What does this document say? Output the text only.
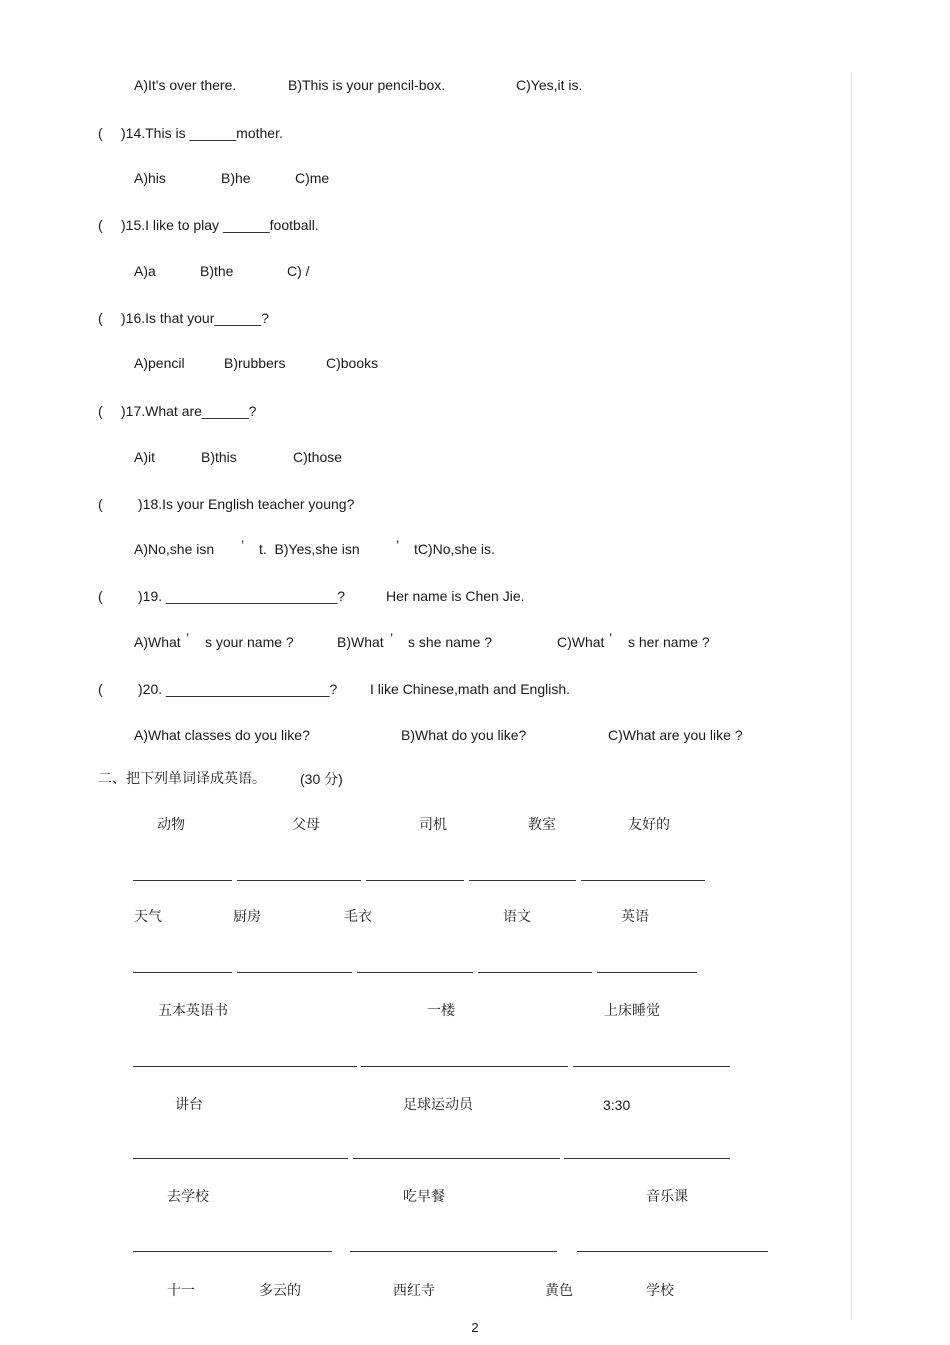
A)It's over there.	B)This is your pencil-box.	C)Yes,it is.
( )14.This is ______mother.
A)his	B)he	C)me
( )15.I like to play ______football.
A)a	B)the	C) /
( )16.Is that your______?
A)pencil	B)rubbers	C)books
( )17.What are______?
A)it	B)this	C)those
(	)18.Is your English teacher young?
A)No,she isn ’ t.  B)Yes,she isn	’ tC)No,she is.
(	)19. ______________________?	Her name is Chen Jie.
A)What ’ s your name ?	B)What ’ s she name ?	C)What ’ s her name ?
(	)20. _____________________? I like Chinese,math and English.
A)What classes do you like?	B)What do you like?	C)What are you like ?
二、把下列单词译成英语。 (30 分)
动物	父母	司机	教室	友好的
天气	厨房	毛衣	语文	英语
五本英语书	一楼	上床睡觉
讲台	足球运动员	3:30
去学校	吃早餐	音乐课
十一	多云的	西红寺	黄色	学校
2
